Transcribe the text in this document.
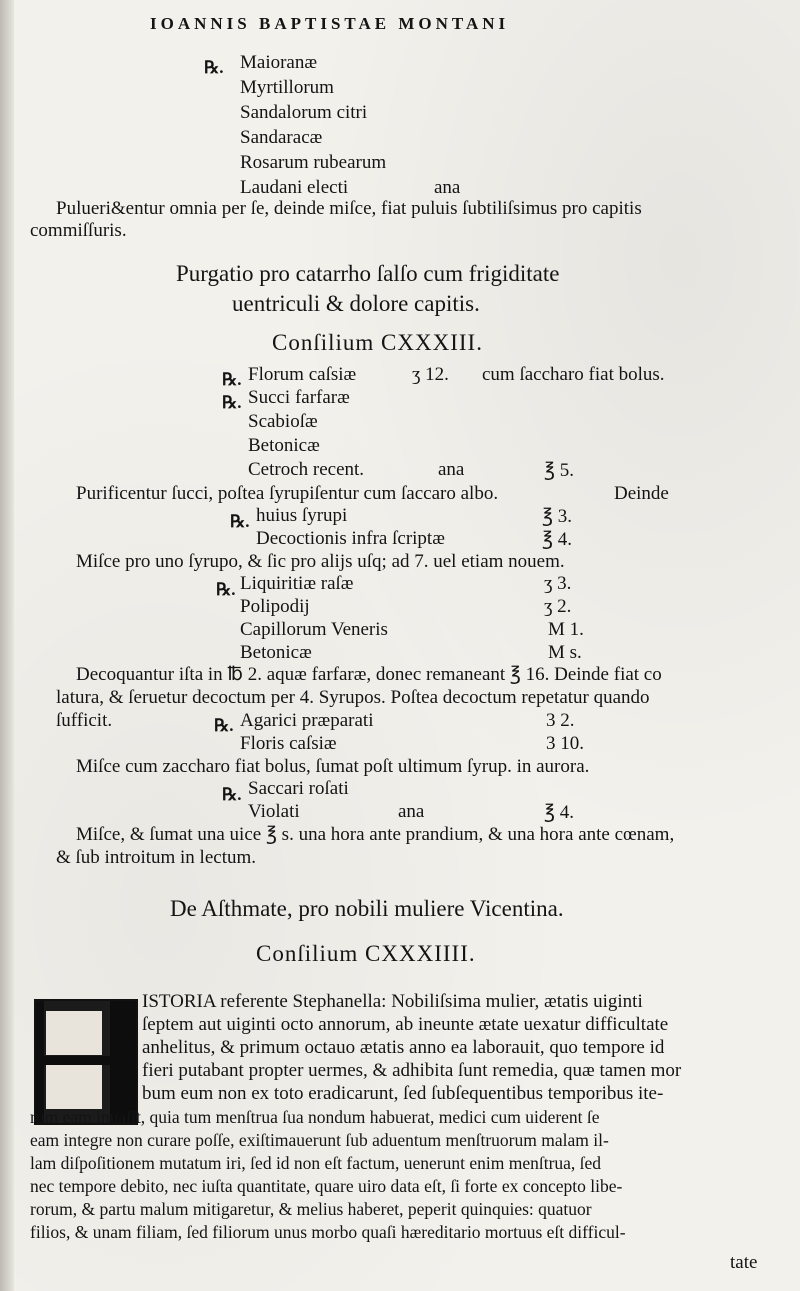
IOANNIS BAPTISTAE MONTANI
℞. Maioranæ
Myrtillorum
Sandalorum citri
Sandaracæ
Rosarum rubearum
Laudani electi	ana
Pulueri&entur omnia per ſe, deinde miſce, fiat puluis ſubtiliſsimus pro capitis
commiſſuris.
Purgatio pro catarrho ſalſo cum frigiditate
uentriculi & dolore capitis.
Conſilium CXXXIII.
℞. Florum caſsiæ	ʒ 12. cum ſaccharo fiat bolus.
℞. Succi farfaræ
Scabioſæ
Betonicæ
Cetroch recent.	ana	℥ 5.
Purificentur ſucci, poſtea ſyrupiſentur cum ſaccaro albo.	Deinde
℞. huius ſyrupi	℥ 3.
Decoctionis infra ſcriptæ	℥ 4.
Miſce pro uno ſyrupo, & ſic pro alijs uſq; ad 7. uel etiam nouem.
℞. Liquiritiæ raſæ	ʒ 3.
Polipodij	ʒ 2.
Capillorum Veneris	M 1.
Betonicæ	M s.
Decoquantur iſta in ℔ 2. aquæ farfaræ, donec remaneant ℥ 16. Deinde fiat co
latura, & ſeruetur decoctum per 4. Syrupos. Poſtea decoctum repetatur quando
ſufficit.	℞. Agarici præparati	3 2.
Floris caſsiæ	3 10.
Miſce cum zaccharo fiat bolus, ſumat poſt ultimum ſyrup. in aurora.
℞. Saccari roſati
Violati	ana	℥ 4.
Miſce, & ſumat una uice ℥ s. una hora ante prandium, & una hora ante cœnam,
& ſub introitum in lectum.
De Aſthmate, pro nobili muliere Vicentina.
Conſilium CXXXIIII.
ISTORIA referente Stephanella: Nobiliſsima mulier, ætatis uiginti
ſeptem aut uiginti octo annorum, ab ineunte ætate uexatur difficultate
anhelitus, & primum octauo ætatis anno ea laborauit, quo tempore id
fieri putabant propter uermes, & adhibita ſunt remedia, quæ tamen mor
bum eum non ex toto eradicarunt, ſed ſubſequentibus temporibus ite-
rum eam inuaſit, quia tum menſtrua ſua nondum habuerat, medici cum uiderent ſe
eam integre non curare poſſe, exiſtimauerunt ſub aduentum menſtruorum malam il-
lam diſpoſitionem mutatum iri, ſed id non eſt factum, uenerunt enim menſtrua, ſed
nec tempore debito, nec iuſta quantitate, quare uiro data eſt, ſi forte ex concepto libe-
rorum, & partu malum mitigaretur, & melius haberet, peperit quinquies: quatuor
filios, & unam filiam, ſed filiorum unus morbo quaſi hæreditario mortuus eſt difficul-
tate
